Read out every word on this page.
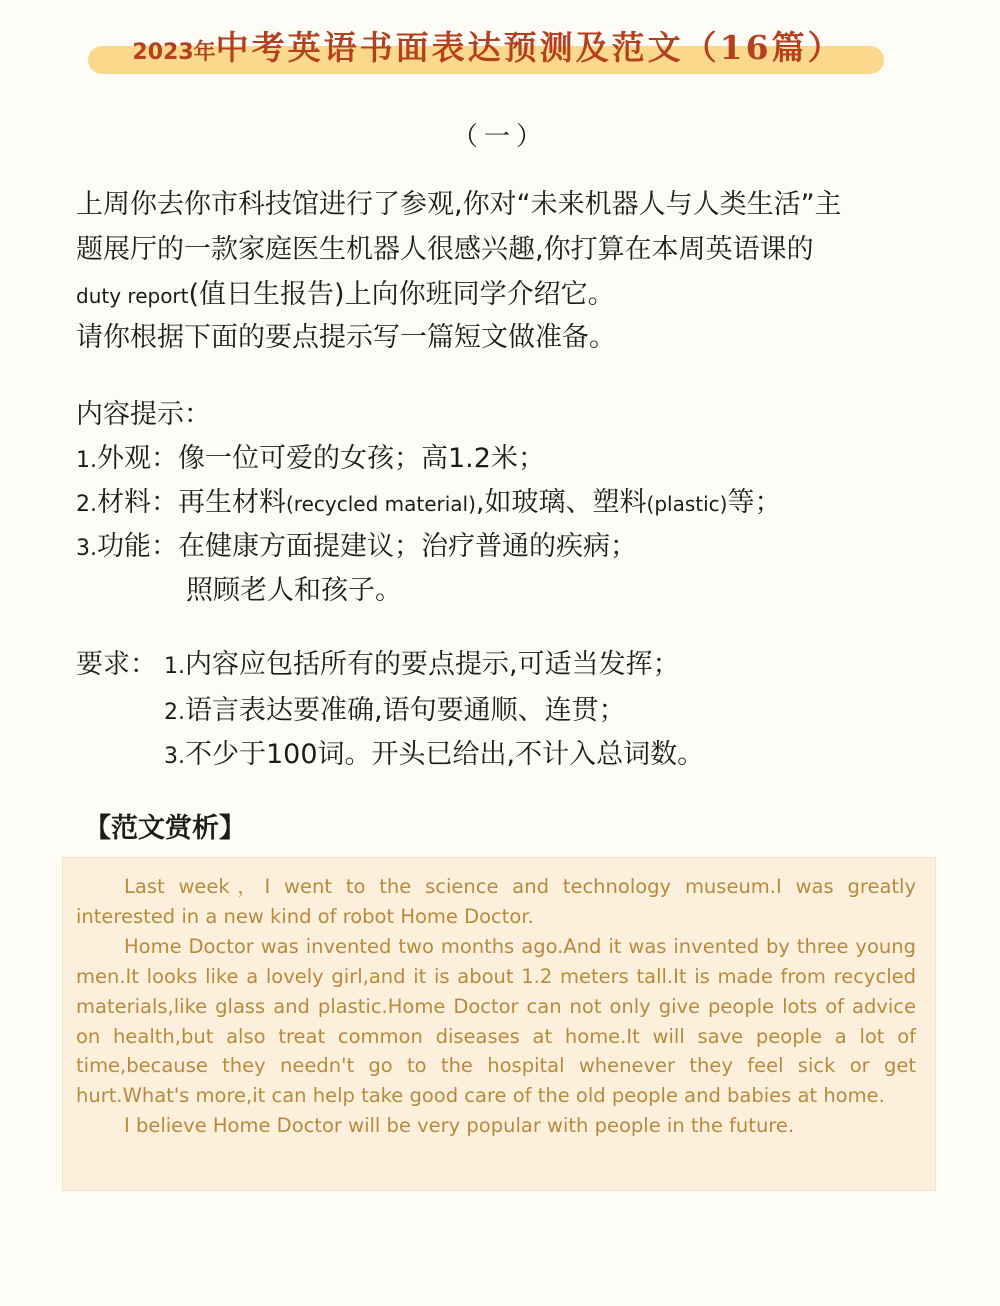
2023年中考英语书面表达预测及范文（16篇）
（一）
上周你去你市科技馆进行了参观,你对“未来机器人与人类生活”主
题展厅的一款家庭医生机器人很感兴趣,你打算在本周英语课的
duty report(值日生报告)上向你班同学介绍它。
请你根据下面的要点提示写一篇短文做准备。
内容提示：
1.外观：像一位可爱的女孩；高1.2米；
2.材料：再生材料(recycled material),如玻璃、塑料(plastic)等；
3.功能：在健康方面提建议；治疗普通的疾病；
照顾老人和孩子。
要求： 1.内容应包括所有的要点提示,可适当发挥；
2.语言表达要准确,语句要通顺、连贯；
3.不少于100词。开头已给出,不计入总词数。
【范文赏析】

Last week，I went to the science and technology museum.I was greatly interested in a new kind of robot Home Doctor.

Home Doctor was invented two months ago.And it was invented by three young men.It looks like a lovely girl,and it is about 1.2 meters tall.It is made from recycled materials,like glass and plastic.Home Doctor can not only give people lots of advice on health,but also treat common diseases at home.It will save people a lot of time,because they needn't go to the hospital whenever they feel sick or get hurt.What's more,it can help take good care of the old people and babies at home.

I believe Home Doctor will be very popular with people in the future.
